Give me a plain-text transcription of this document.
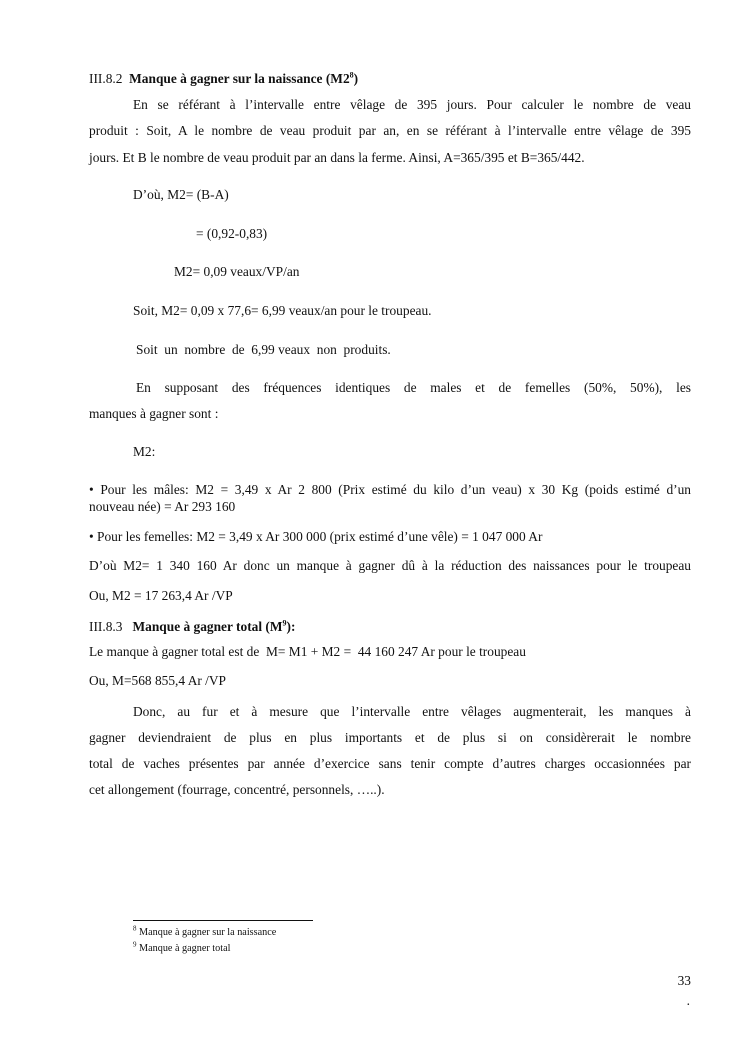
III.8.2 Manque à gagner sur la naissance $(M2^8)$
En se référant à l’intervalle entre vêlage de 395 jours. Pour calculer le nombre de veau
produit : Soit, A le nombre de veau produit par an, en se référant à l’intervalle entre vêlage de 395
jours. Et B le nombre de veau produit par an dans la ferme. Ainsi, A=365/395 et B=365/442.
D’où, M2= (B-A)
= (0,92-0,83)
M2= 0,09 veaux/VP/an
Soit, M2= 0,09 x 77,6= 6,99 veaux/an pour le troupeau.
Soit  un  nombre  de  6,99 veaux  non  produits.
En supposant des fréquences identiques de males et de femelles (50%, 50%), les
manques à gagner sont :
M2:
• Pour les mâles: M2 = 3,49 x Ar 2 800 (Prix estimé du kilo d’un veau) x 30 Kg (poids estimé d’un
nouveau née) = Ar 293 160
• Pour les femelles: M2 = 3,49 x Ar 300 000 (prix estimé d’une vêle) = 1 047 000 Ar
D’où M2= 1 340 160 Ar donc un manque à gagner dû à la réduction des naissances pour le troupeau
Ou, M2 = 17 263,4 Ar /VP
III.8.3 Manque à gagner total $(M^9)$:
Le manque à gagner total est de  M= M1 + M2 =  44 160 247 Ar pour le troupeau
Ou, M=568 855,4 Ar /VP
Donc, au fur et à mesure que l’intervalle entre vêlages augmenterait, les manques à
gagner deviendraient de plus en plus importants et de plus si on considèrerait le nombre
total de vaches présentes par année d’exercice sans tenir compte d’autres charges occasionnées par
cet allongement (fourrage, concentré, personnels, …..).
$^8$ Manque à gagner sur la naissance
$^9$ Manque à gagner total
33
.
